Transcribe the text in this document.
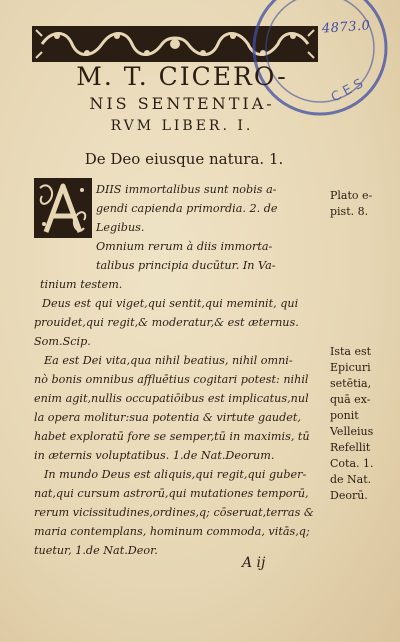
C E S
4873.0
M. T. CICERO-
NIS SENTENTIA-
RVM LIBER. I.
De Deo eiusque natura. 1.
DIIS immortalibus sunt nobis a-
gendi capienda primordia. 2. de
Legibus.
Omnium rerum à diis immorta-
talibus principia ducūtur. In Va-
tinium testem.
Deus est qui viget,qui sentit,qui meminit, qui
prouidet,qui regit,& moderatur,& est æternus.
Som.Scip.
Ea est Dei vita,qua nihil beatius, nihil omni-
nò bonis omnibus affluētius cogitari potest: nihil
enim agit,nullis occupatiōibus est implicatus,nul
la opera molitur:sua potentia & virtute gaudet,
habet exploratū fore se semper,tū in maximis, tū
in æternis voluptatibus. 1.de Nat.Deorum.
In mundo Deus est aliquis,qui regit,qui guber-
nat,qui cursum astrorū,qui mutationes temporū,
rerum vicissitudines,ordines,q; cōseruat,terras &
maria contemplans, hominum commoda, vitās,q;
tuetur, 1.de Nat.Deor.
Plato e-
pist. 8.
Ista est
Epicuri
setētia,
quā ex-
ponit
Velleius
Refellit
Cota. 1.
de Nat.
Deorū.
A ij
